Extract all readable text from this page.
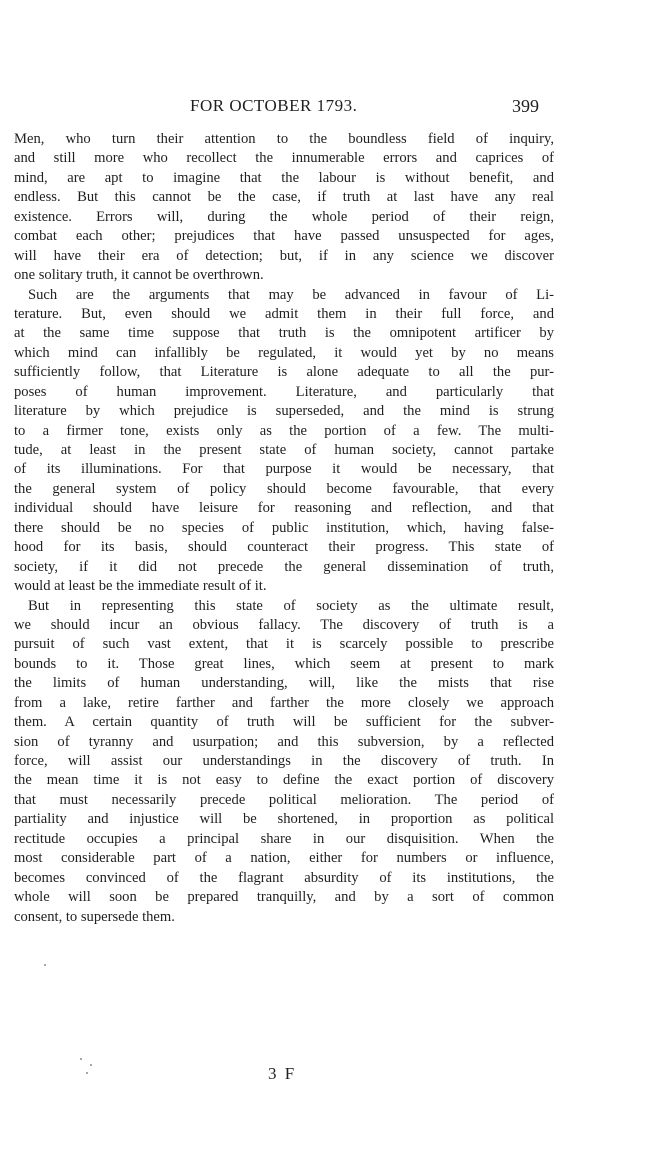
FOR OCTOBER 1793.	399
Men, who turn their attention to the boundless field of inquiry,
and still more who recollect the innumerable errors and caprices of
mind, are apt to imagine that the labour is without benefit, and
endless. But this cannot be the case, if truth at last have any real
existence. Errors will, during the whole period of their reign,
combat each other; prejudices that have passed unsuspected for ages,
will have their era of detection; but, if in any science we discover
one solitary truth, it cannot be overthrown.
Such are the arguments that may be advanced in favour of Li-
terature. But, even should we admit them in their full force, and
at the same time suppose that truth is the omnipotent artificer by
which mind can infallibly be regulated, it would yet by no means
sufficiently follow, that Literature is alone adequate to all the pur-
poses of human improvement. Literature, and particularly that
literature by which prejudice is superseded, and the mind is strung
to a firmer tone, exists only as the portion of a few. The multi-
tude, at least in the present state of human society, cannot partake
of its illuminations. For that purpose it would be necessary, that
the general system of policy should become favourable, that every
individual should have leisure for reasoning and reflection, and that
there should be no species of public institution, which, having false-
hood for its basis, should counteract their progress. This state of
society, if it did not precede the general dissemination of truth,
would at least be the immediate result of it.
But in representing this state of society as the ultimate result,
we should incur an obvious fallacy. The discovery of truth is a
pursuit of such vast extent, that it is scarcely possible to prescribe
bounds to it. Those great lines, which seem at present to mark
the limits of human understanding, will, like the mists that rise
from a lake, retire farther and farther the more closely we approach
them. A certain quantity of truth will be sufficient for the subver-
sion of tyranny and usurpation; and this subversion, by a reflected
force, will assist our understandings in the discovery of truth. In
the mean time it is not easy to define the exact portion of discovery
that must necessarily precede political melioration. The period of
partiality and injustice will be shortened, in proportion as political
rectitude occupies a principal share in our disquisition. When the
most considerable part of a nation, either for numbers or influence,
becomes convinced of the flagrant absurdity of its institutions, the
whole will soon be prepared tranquilly, and by a sort of common
consent, to supersede them.
3 F
